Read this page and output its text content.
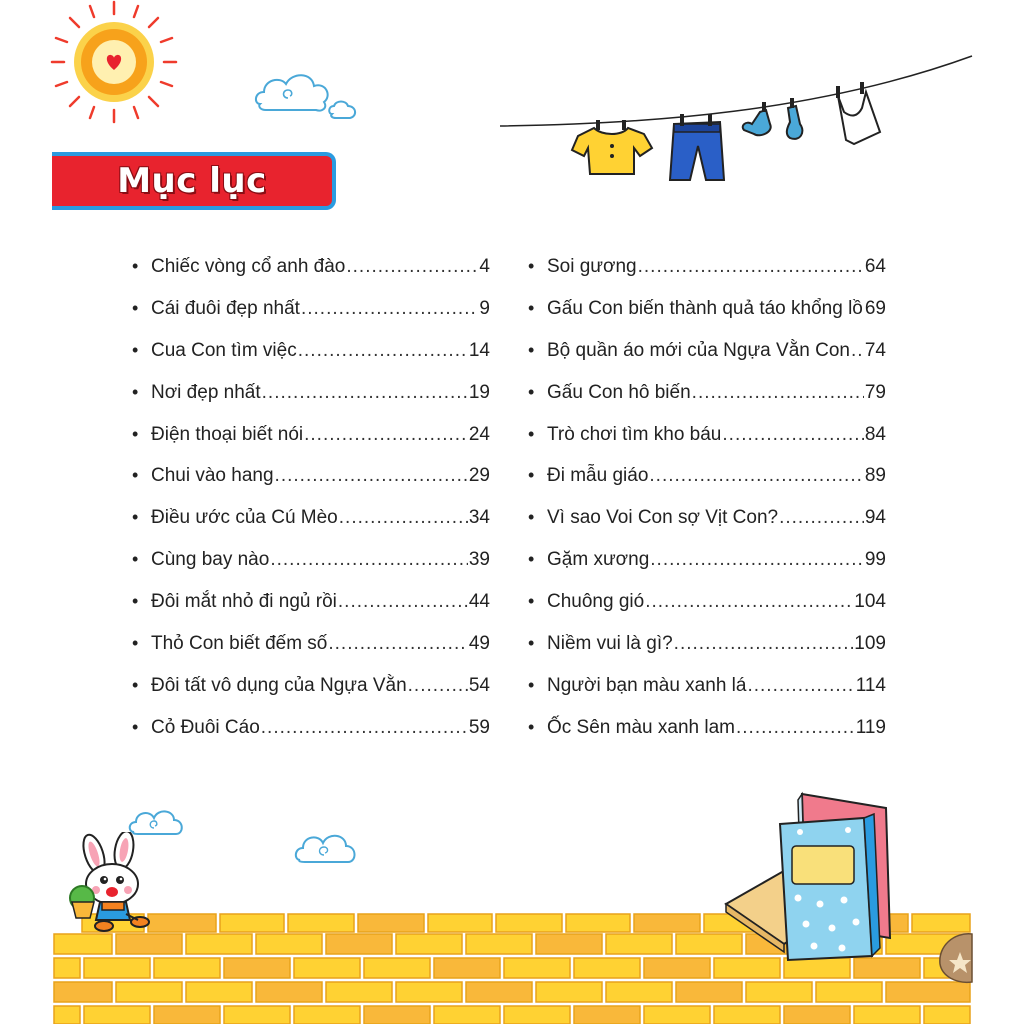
Mục lục
• Chiếc vòng cổ anh đào .....	4
• Cái đuôi đẹp nhất .....	9
• Cua Con tìm việc .....	14
• Nơi đẹp nhất .....	19
• Điện thoại biết nói .....	24
• Chui vào hang .....	29
• Điều ước của Cú Mèo .....	34
• Cùng bay nào .....	39
• Đôi mắt nhỏ đi ngủ rồi .....	44
• Thỏ Con biết đếm số .....	49
• Đôi tất vô dụng của Ngựa Vằn .....	54
• Cỏ Đuôi Cáo .....	59
• Soi gương .....	64
• Gấu Con biến thành quả táo khổng lồ 69
• Bộ quần áo mới của Ngựa Vằn Con ..... 74
• Gấu Con hô biến .....	79
• Trò chơi tìm kho báu .....	84
• Đi mẫu giáo .....	89
• Vì sao Voi Con sợ Vịt Con? .....	94
• Gặm xương .....	99
• Chuông gió .....	104
• Niềm vui là gì? .....	109
• Người bạn màu xanh lá .....	114
• Ốc Sên màu xanh lam .....	119
